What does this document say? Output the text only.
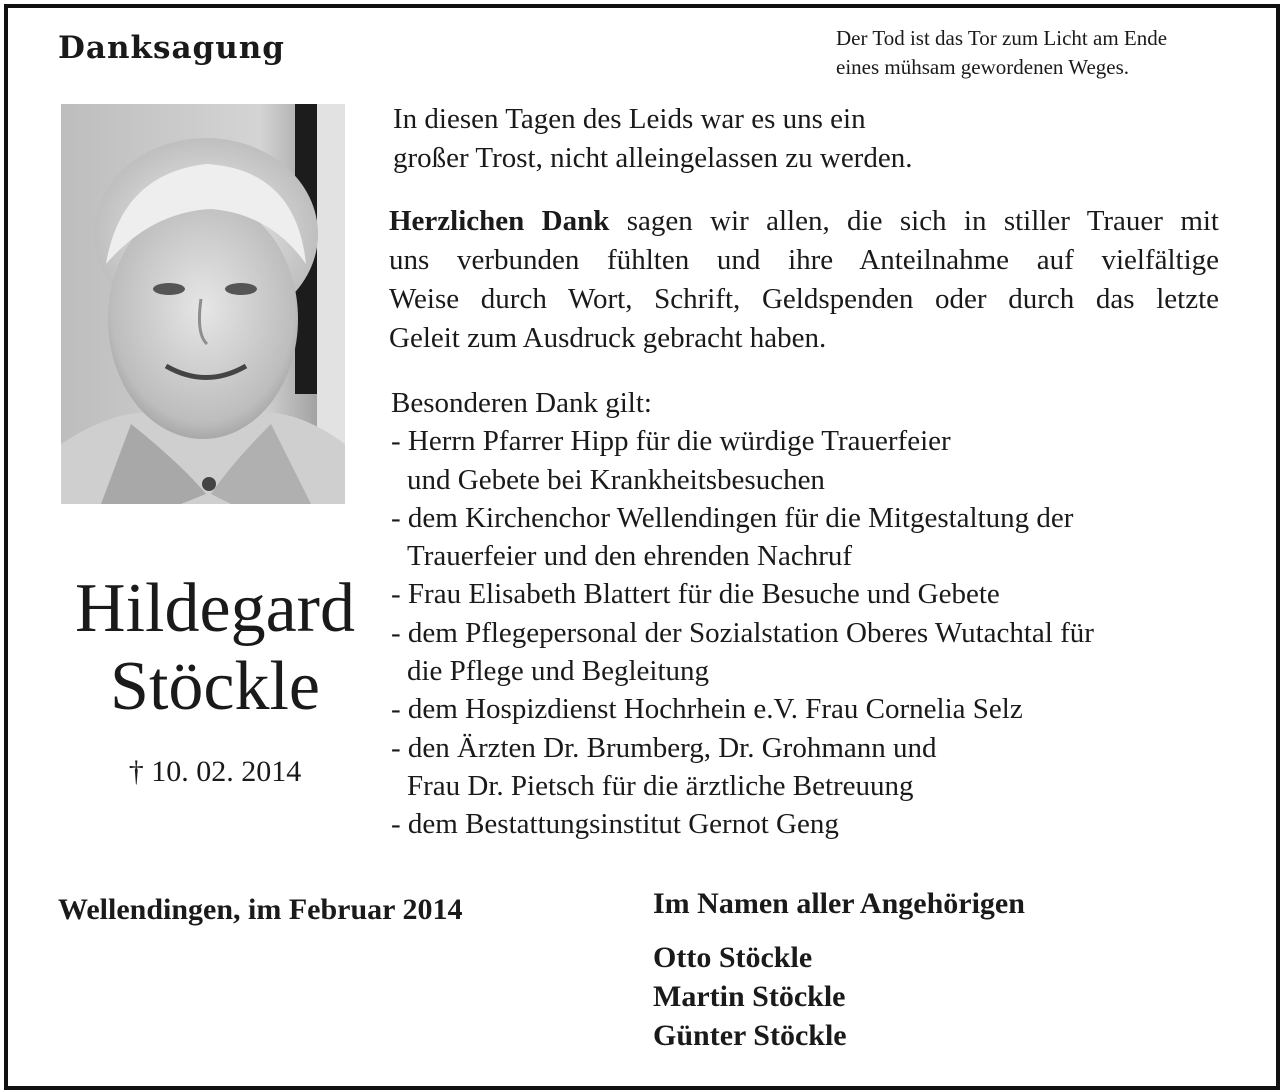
Danksagung	Der Tod ist das Tor zum Licht am Ende
eines mühsam gewordenen Weges.
Hildegard
Stöckle
† 10. 02. 2014
In diesen Tagen des Leids war es uns ein
großer Trost, nicht alleingelassen zu werden.
Herzlichen Dank sagen wir allen, die sich in stiller Trauer mit
uns verbunden fühlten und ihre Anteilnahme auf vielfältige
Weise durch Wort, Schrift, Geldspenden oder durch das letzte
Geleit zum Ausdruck gebracht haben.
Besonderen Dank gilt:
- Herrn Pfarrer Hipp für die würdige Trauerfeier
und Gebete bei Krankheitsbesuchen
- dem Kirchenchor Wellendingen für die Mitgestaltung der
Trauerfeier und den ehrenden Nachruf
- Frau Elisabeth Blattert für die Besuche und Gebete
- dem Pflegepersonal der Sozialstation Oberes Wutachtal für
die Pflege und Begleitung
- dem Hospizdienst Hochrhein e.V. Frau Cornelia Selz
- den Ärzten Dr. Brumberg, Dr. Grohmann und
Frau Dr. Pietsch für die ärztliche Betreuung
- dem Bestattungsinstitut Gernot Geng
Wellendingen, im Februar 2014	Im Namen aller Angehörigen
Otto Stöckle
Martin Stöckle
Günter Stöckle
